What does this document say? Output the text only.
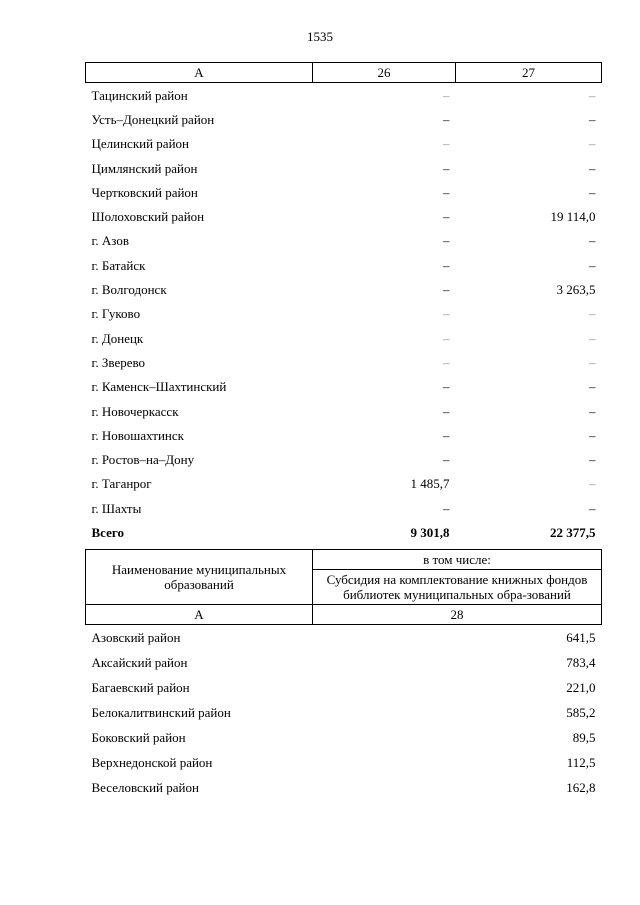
1535
А	26	27
Тацинский район	–	–
Усть–Донецкий район	–	–
Целинский район	–	–
Цимлянский район	–	–
Чертковский район	–	–
Шолоховский район	–	19 114,0
г. Азов	–	–
г. Батайск	–	–
г. Волгодонск	–	3 263,5
г. Гуково	–	–
г. Донецк	–	–
г. Зверево	–	–
г. Каменск–Шахтинский	–	–
г. Новочеркасск	–	–
г. Новошахтинск	–	–
г. Ростов–на–Дону	–	–
г. Таганрог	1 485,7	–
г. Шахты	–	–
Всего	9 301,8	22 377,5
Наименование муниципальных образований	в том числе:
	Субсидия на комплектование книжных фондов библиотек муниципальных обра-зований
А	28
Азовский район	641,5
Аксайский район	783,4
Багаевский район	221,0
Белокалитвинский район	585,2
Боковский район	89,5
Верхнедонской район	112,5
Веселовский район	162,8
